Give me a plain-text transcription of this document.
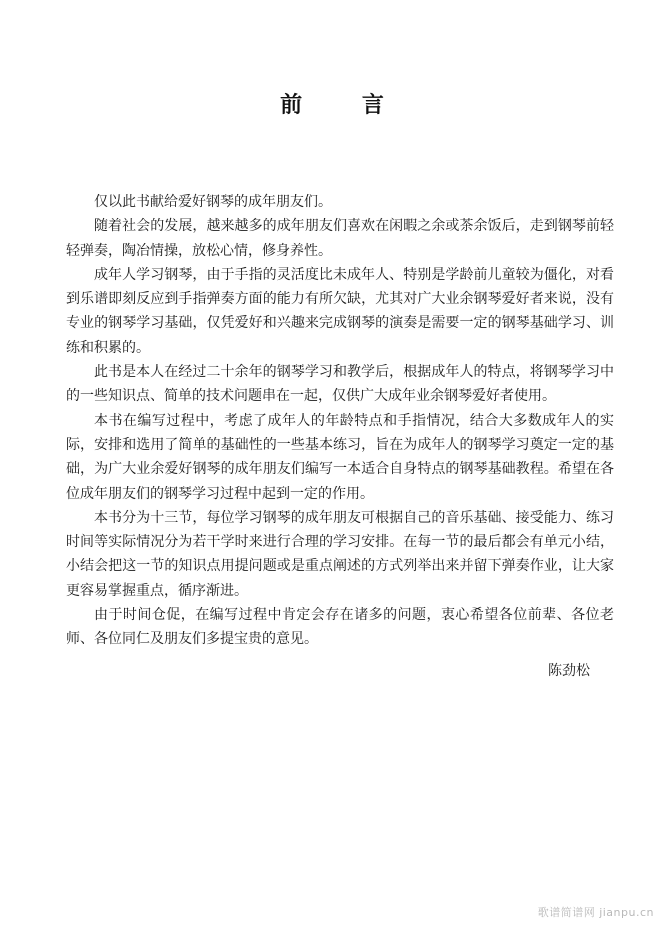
前 言

仅以此书献给爱好钢琴的成年朋友们。

随着社会的发展，越来越多的成年朋友们喜欢在闲暇之余或茶余饭后，走到钢琴前轻轻弹奏，陶冶情操，放松心情，修身养性。

成年人学习钢琴，由于手指的灵活度比未成年人、特别是学龄前儿童较为僵化，对看到乐谱即刻反应到手指弹奏方面的能力有所欠缺，尤其对广大业余钢琴爱好者来说，没有专业的钢琴学习基础，仅凭爱好和兴趣来完成钢琴的演奏是需要一定的钢琴基础学习、训练和积累的。

此书是本人在经过二十余年的钢琴学习和教学后，根据成年人的特点，将钢琴学习中的一些知识点、简单的技术问题串在一起，仅供广大成年业余钢琴爱好者使用。

本书在编写过程中，考虑了成年人的年龄特点和手指情况，结合大多数成年人的实际，安排和选用了简单的基础性的一些基本练习，旨在为成年人的钢琴学习奠定一定的基础，为广大业余爱好钢琴的成年朋友们编写一本适合自身特点的钢琴基础教程。希望在各位成年朋友们的钢琴学习过程中起到一定的作用。

本书分为十三节，每位学习钢琴的成年朋友可根据自己的音乐基础、接受能力、练习时间等实际情况分为若干学时来进行合理的学习安排。在每一节的最后都会有单元小结，小结会把这一节的知识点用提问题或是重点阐述的方式列举出来并留下弹奏作业，让大家更容易掌握重点，循序渐进。

由于时间仓促，在编写过程中肯定会存在诸多的问题，衷心希望各位前辈、各位老师、各位同仁及朋友们多提宝贵的意见。

陈劲松
歌谱简谱网 jianpu.cn
